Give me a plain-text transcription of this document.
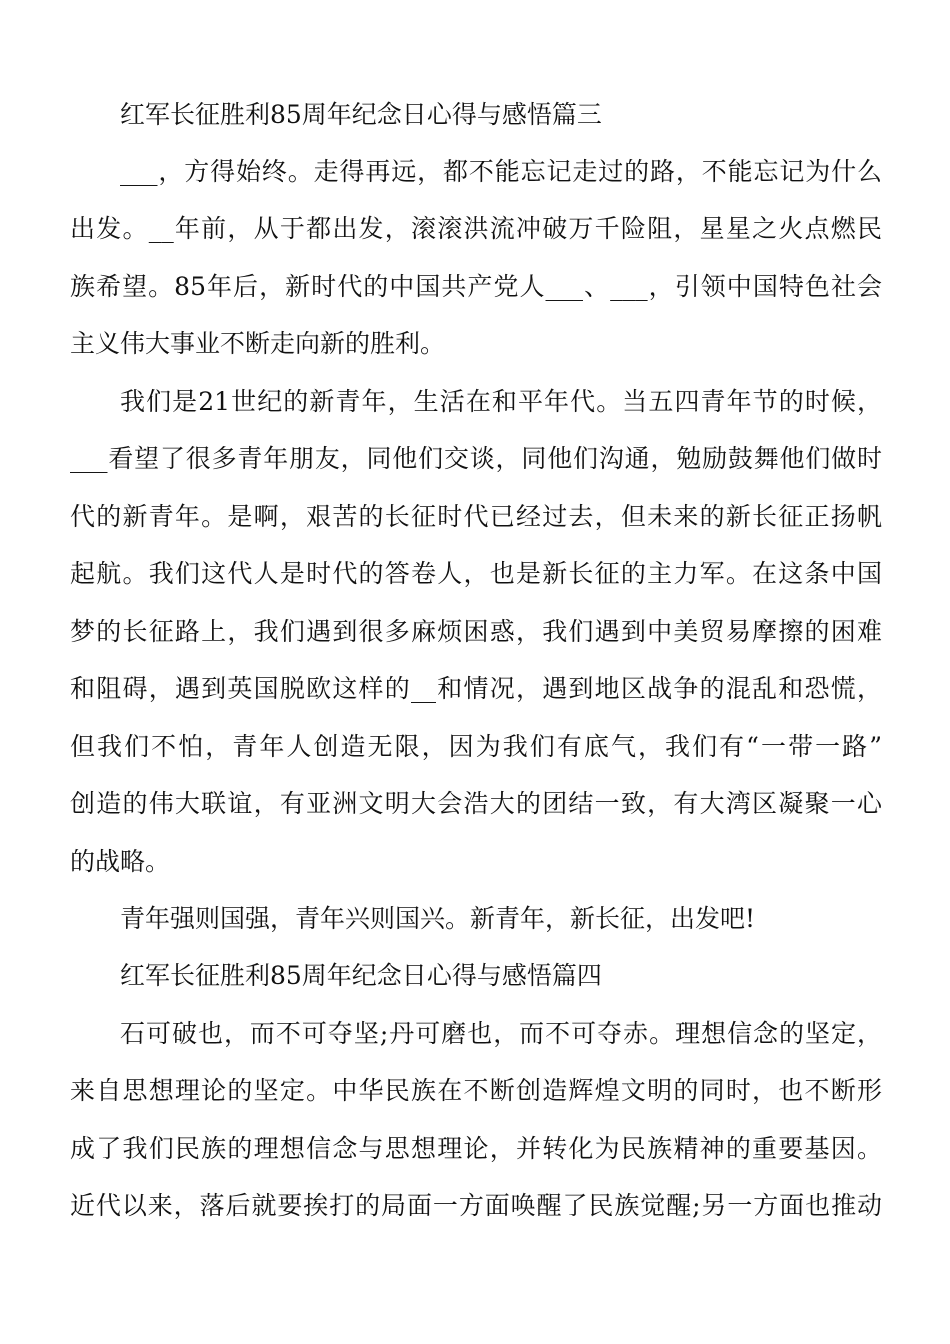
红军长征胜利85周年纪念日心得与感悟篇三
___，方得始终。走得再远，都不能忘记走过的路，不能忘记为什么
出发。__年前，从于都出发，滚滚洪流冲破万千险阻，星星之火点燃民
族希望。85年后，新时代的中国共产党人___、___，引领中国特色社会
主义伟大事业不断走向新的胜利。
我们是21世纪的新青年，生活在和平年代。当五四青年节的时候，
___看望了很多青年朋友，同他们交谈，同他们沟通，勉励鼓舞他们做时
代的新青年。是啊，艰苦的长征时代已经过去，但未来的新长征正扬帆
起航。我们这代人是时代的答卷人，也是新长征的主力军。在这条中国
梦的长征路上，我们遇到很多麻烦困惑，我们遇到中美贸易摩擦的困难
和阻碍，遇到英国脱欧这样的__和情况，遇到地区战争的混乱和恐慌，
但我们不怕，青年人创造无限，因为我们有底气，我们有“一带一路”
创造的伟大联谊，有亚洲文明大会浩大的团结一致，有大湾区凝聚一心
的战略。
青年强则国强，青年兴则国兴。新青年，新长征，出发吧!
红军长征胜利85周年纪念日心得与感悟篇四
石可破也，而不可夺坚;丹可磨也，而不可夺赤。理想信念的坚定，
来自思想理论的坚定。中华民族在不断创造辉煌文明的同时，也不断形
成了我们民族的理想信念与思想理论，并转化为民族精神的重要基因。
近代以来，落后就要挨打的局面一方面唤醒了民族觉醒;另一方面也推动
